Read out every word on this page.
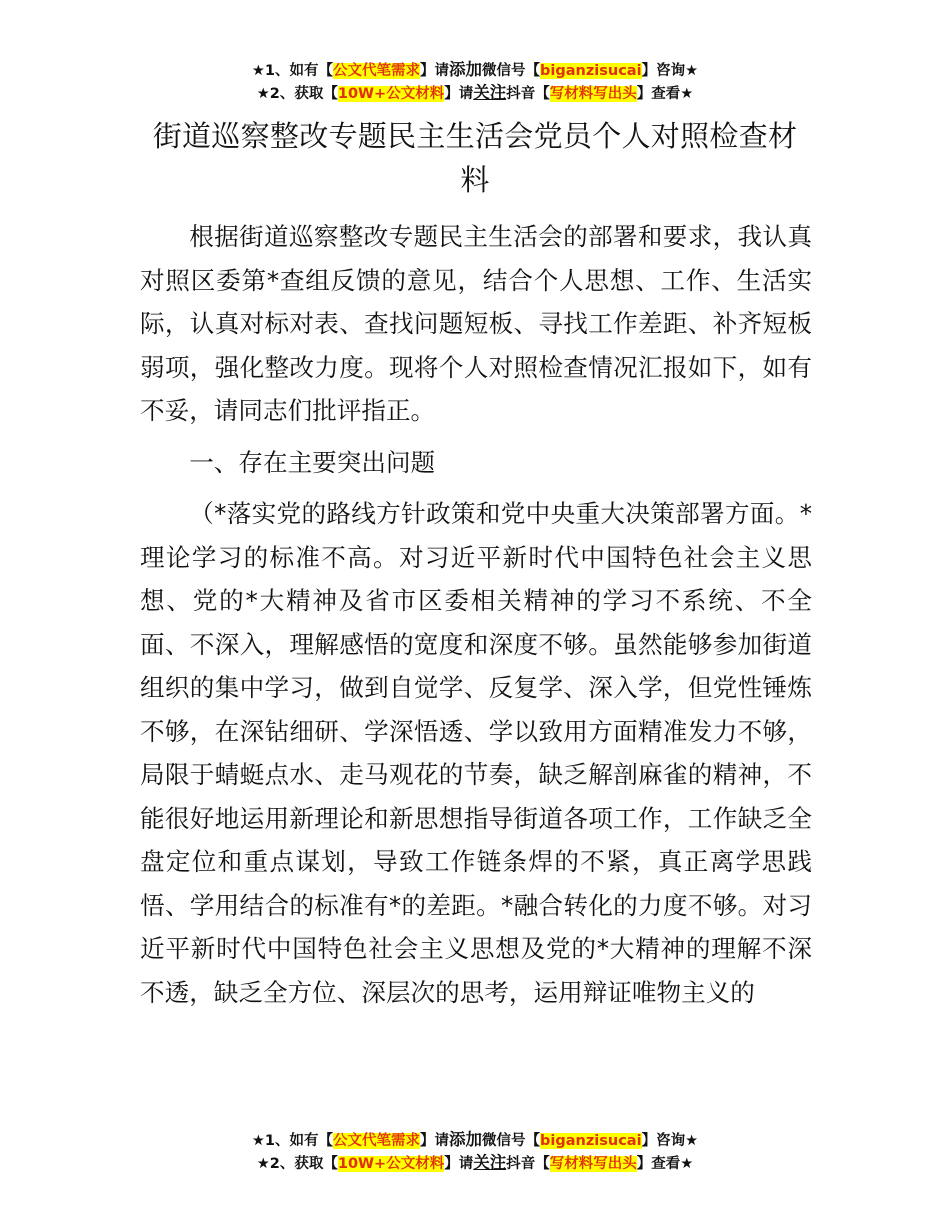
★1、如有【公文代笔需求】请添加微信号【biganzisucai】咨询★
★2、获取【10W+公文材料】请关注抖音【写材料写出头】查看★
街道巡察整改专题民主生活会党员个人对照检查材料

根据街道巡察整改专题民主生活会的部署和要求，我认真对照区委第*查组反馈的意见，结合个人思想、工作、生活实际，认真对标对表、查找问题短板、寻找工作差距、补齐短板弱项，强化整改力度。现将个人对照检查情况汇报如下，如有不妥，请同志们批评指正。

一、存在主要突出问题

（*落实党的路线方针政策和党中央重大决策部署方面。*理论学习的标准不高。对习近平新时代中国特色社会主义思想、党的*大精神及省市区委相关精神的学习不系统、不全面、不深入，理解感悟的宽度和深度不够。虽然能够参加街道组织的集中学习，做到自觉学、反复学、深入学，但党性锤炼不够，在深钻细研、学深悟透、学以致用方面精准发力不够，局限于蜻蜓点水、走马观花的节奏，缺乏解剖麻雀的精神，不能很好地运用新理论和新思想指导街道各项工作，工作缺乏全盘定位和重点谋划，导致工作链条焊的不紧，真正离学思践悟、学用结合的标准有*的差距。*融合转化的力度不够。对习近平新时代中国特色社会主义思想及党的*大精神的理解不深不透，缺乏全方位、深层次的思考，运用辩证唯物主义的

★1、如有【公文代笔需求】请添加微信号【biganzisucai】咨询★
★2、获取【10W+公文材料】请关注抖音【写材料写出头】查看★
